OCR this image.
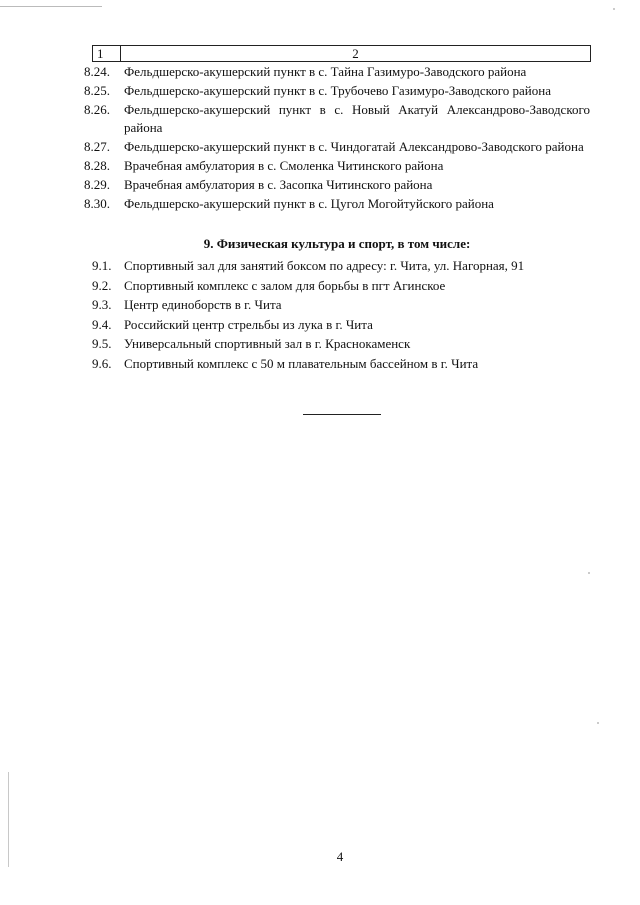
1	2
8.24.	Фельдшерско-акушерский пункт в с. Тайна Газимуро-Заводского района
8.25.	Фельдшерско-акушерский пункт в с. Трубочево Газимуро-Заводского района
8.26.	Фельдшерско-акушерский пункт в с. Новый Акатуй Александрово-Заводского района
8.27.	Фельдшерско-акушерский пункт в с. Чиндогатай Александрово-Заводского района
8.28.	Врачебная амбулатория в с. Смоленка Читинского района
8.29.	Врачебная амбулатория в с. Засопка Читинского района
8.30.	Фельдшерско-акушерский пункт в с. Цугол Могойтуйского района
9. Физическая культура и спорт, в том числе:
9.1. Спортивный зал для занятий боксом по адресу: г. Чита, ул. Нагорная, 91
9.2. Спортивный комплекс с залом для борьбы в пгт Агинское
9.3. Центр единоборств в г. Чита
9.4. Российский центр стрельбы из лука в г. Чита
9.5. Универсальный спортивный зал в г. Краснокаменск
9.6. Спортивный комплекс с 50 м плавательным бассейном в г. Чита
4
